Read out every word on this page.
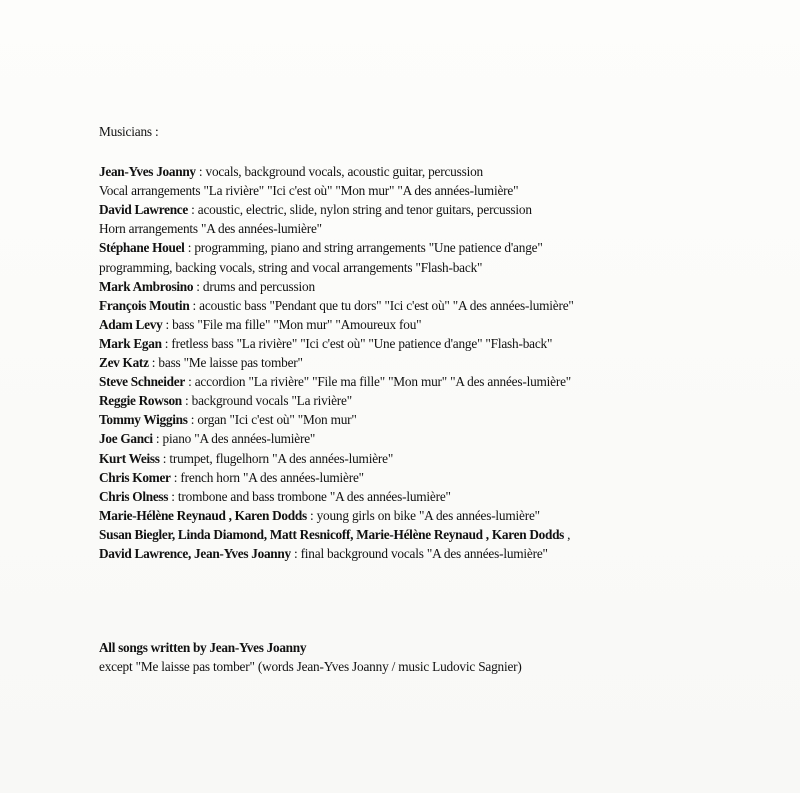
Musicians :
Jean-Yves Joanny : vocals, background vocals, acoustic guitar, percussion
Vocal arrangements "La rivière" "Ici c'est où" "Mon mur" "A des années-lumière"
David Lawrence : acoustic, electric, slide, nylon string and tenor guitars, percussion
Horn arrangements "A des années-lumière"
Stéphane Houel : programming, piano and string arrangements "Une patience d'ange"
programming, backing vocals, string and vocal arrangements "Flash-back"
Mark Ambrosino : drums and percussion
François Moutin : acoustic bass "Pendant que tu dors" "Ici c'est où" "A des années-lumière"
Adam Levy : bass "File ma fille" "Mon mur" "Amoureux fou"
Mark Egan : fretless bass "La rivière" "Ici c'est où" "Une patience d'ange" "Flash-back"
Zev Katz : bass "Me laisse pas tomber"
Steve Schneider : accordion "La rivière" "File ma fille" "Mon mur" "A des années-lumière"
Reggie Rowson : background vocals "La rivière"
Tommy Wiggins : organ "Ici c'est où" "Mon mur"
Joe Ganci : piano "A des années-lumière"
Kurt Weiss : trumpet, flugelhorn "A des années-lumière"
Chris Komer : french horn "A des années-lumière"
Chris Olness : trombone and bass trombone "A des années-lumière"
Marie-Hélène Reynaud , Karen Dodds : young girls on bike "A des années-lumière"
Susan Biegler, Linda Diamond, Matt Resnicoff, Marie-Hélène Reynaud , Karen Dodds ,
David Lawrence, Jean-Yves Joanny : final background vocals "A des années-lumière"
All songs written by Jean-Yves Joanny
except "Me laisse pas tomber" (words Jean-Yves Joanny / music Ludovic Sagnier)
